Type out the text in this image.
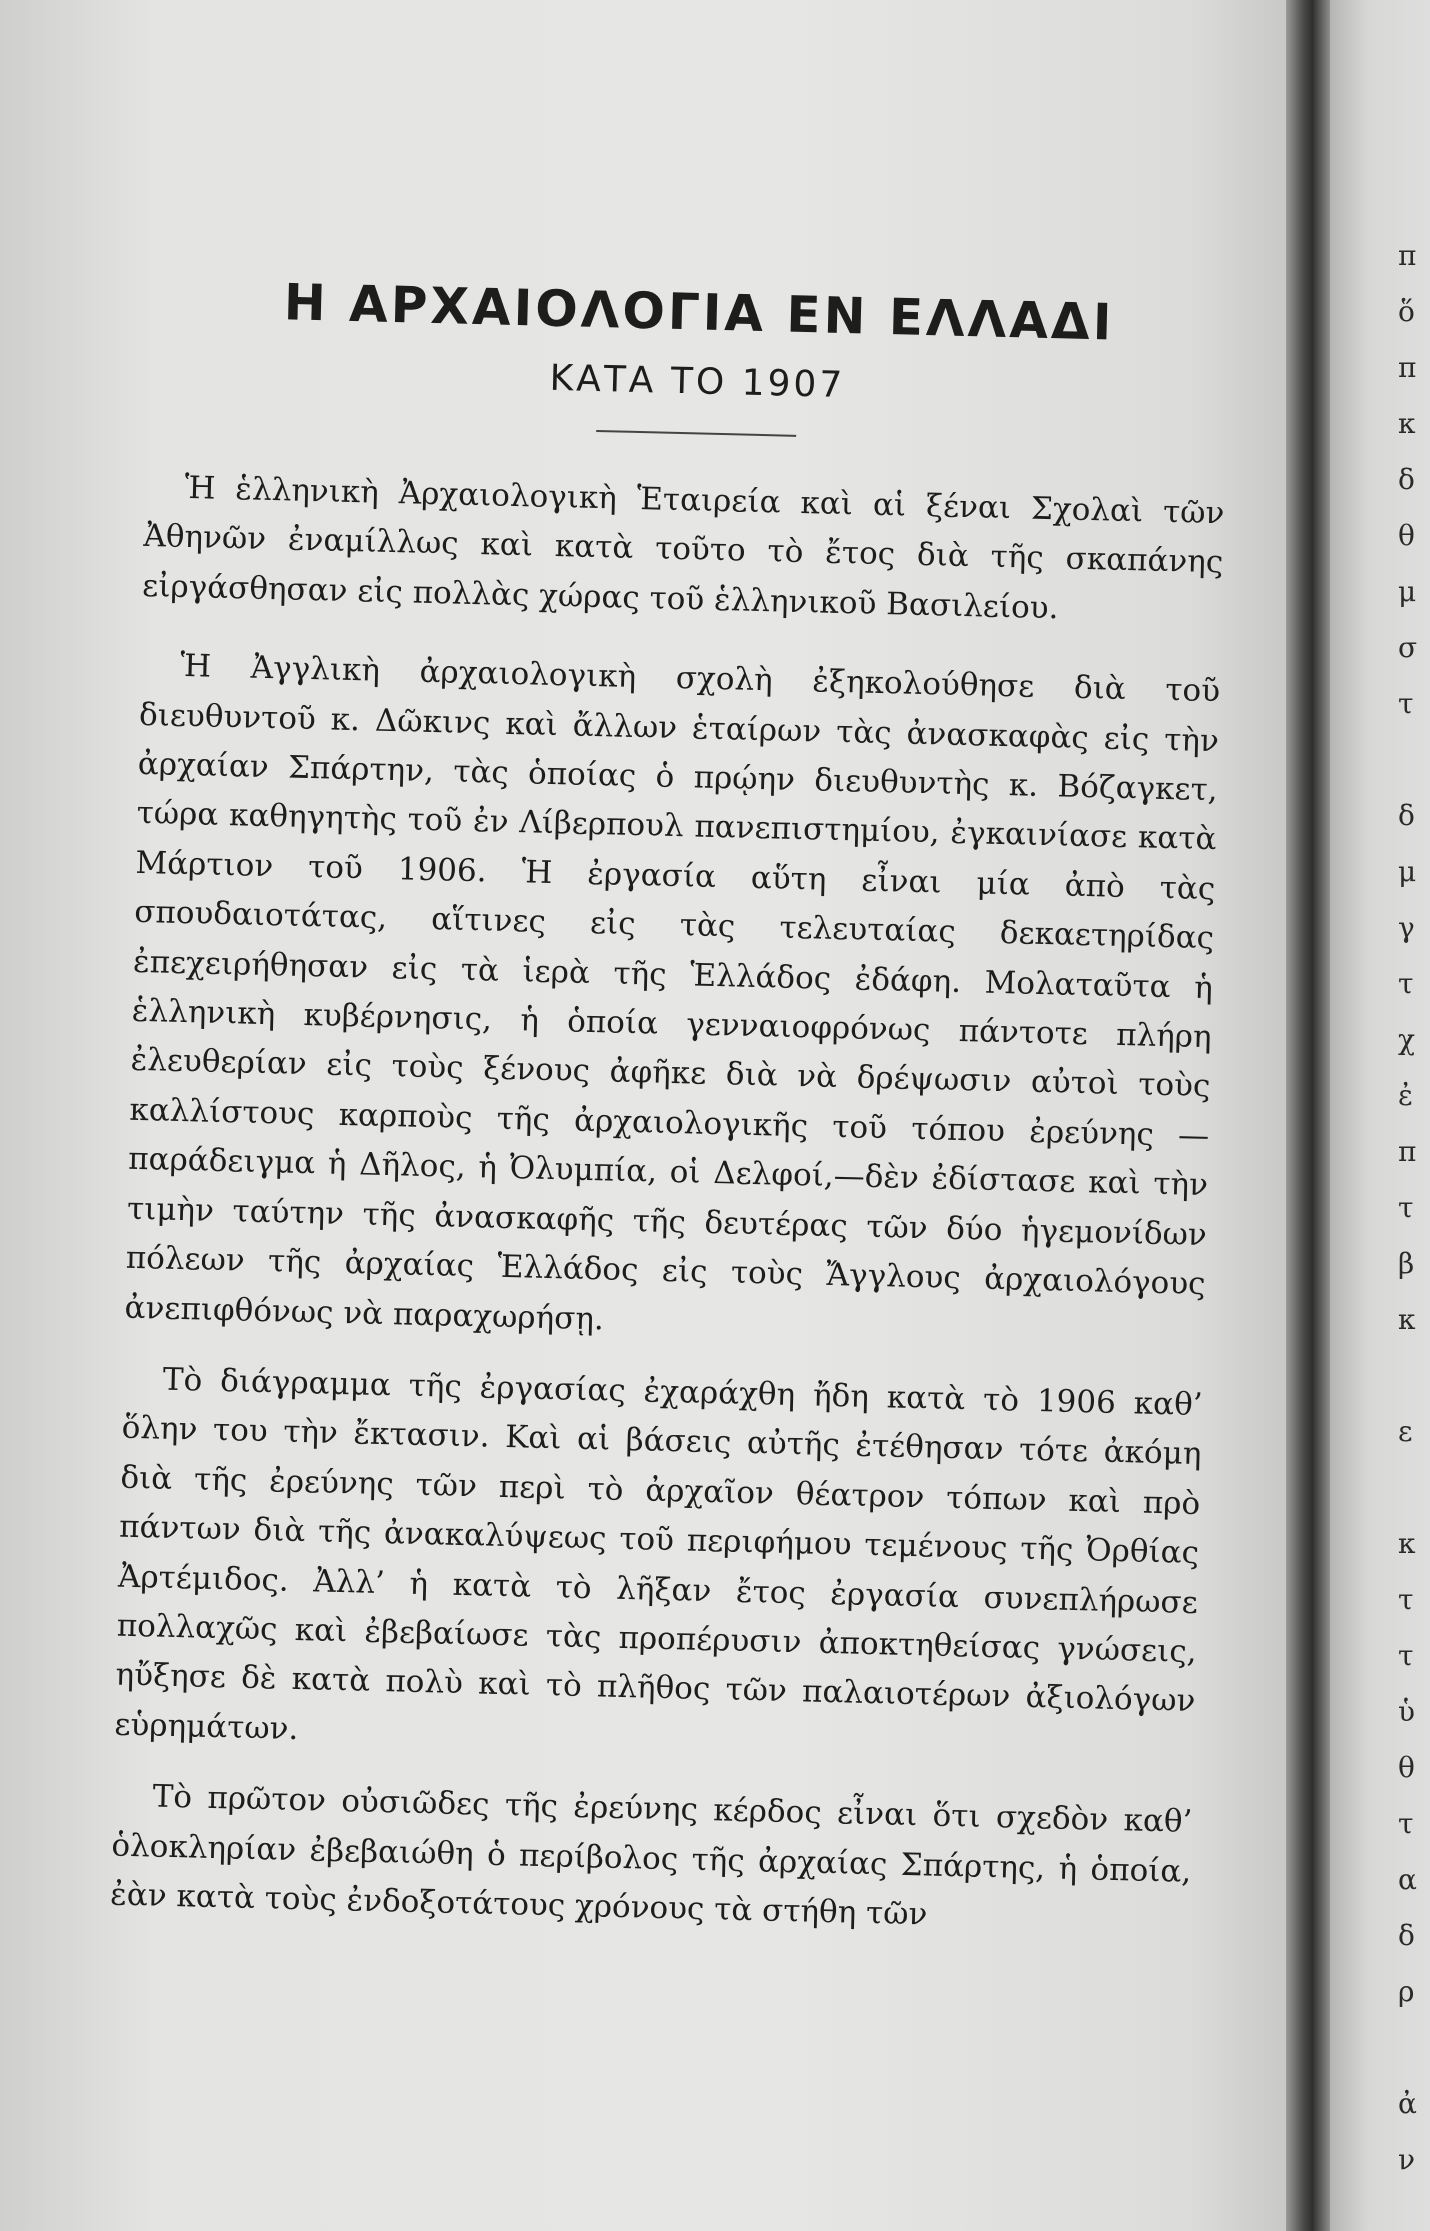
Η ΑΡΧΑΙΟΛΟΓΙΑ ΕΝ ΕΛΛΑΔΙ
ΚΑΤΑ ΤΟ 1907

Ἡ ἑλληνικὴ Ἀρχαιολογικὴ Ἑταιρεία καὶ αἱ ξέναι Σχολαὶ τῶν Ἀθηνῶν ἐναμίλλως καὶ κατὰ τοῦτο τὸ ἔτος διὰ τῆς σκαπάνης εἰργάσθησαν εἰς πολλὰς χώρας τοῦ ἑλληνικοῦ Βασιλείου.

Ἡ Ἀγγλικὴ ἀρχαιολογικὴ σχολὴ ἐξηκολούθησε διὰ τοῦ διευθυντοῦ κ. Δῶκινς καὶ ἄλλων ἑταίρων τὰς ἀνασκαφὰς εἰς τὴν ἀρχαίαν Σπάρτην, τὰς ὁποίας ὁ πρῴην διευθυντὴς κ. Βόζαγκετ, τώρα καθηγητὴς τοῦ ἐν Λίβερπουλ πανεπιστημίου, ἐγκαινίασε κατὰ Μάρτιον τοῦ 1906. Ἡ ἐργασία αὕτη εἶναι μία ἀπὸ τὰς σπουδαιοτάτας, αἵτινες εἰς τὰς τελευταίας δεκαετηρίδας ἐπεχειρήθησαν εἰς τὰ ἱερὰ τῆς Ἑλλάδος ἐδάφη. Μολαταῦτα ἡ ἑλληνικὴ κυβέρνησις, ἡ ὁποία γενναιοφρόνως πάντοτε πλήρη ἐλευθερίαν εἰς τοὺς ξένους ἀφῆκε διὰ νὰ δρέψωσιν αὐτοὶ τοὺς καλλίστους καρποὺς τῆς ἀρχαιολογικῆς τοῦ τόπου ἐρεύνης — παράδειγμα ἡ Δῆλος, ἡ Ὀλυμπία, οἱ Δελφοί,—δὲν ἐδίστασε καὶ τὴν τιμὴν ταύτην τῆς ἀνασκαφῆς τῆς δευτέρας τῶν δύο ἡγεμονίδων πόλεων τῆς ἀρχαίας Ἑλλάδος εἰς τοὺς Ἄγγλους ἀρχαιολόγους ἀνεπιφθόνως νὰ παραχωρήσῃ.

Τὸ διάγραμμα τῆς ἐργασίας ἐχαράχθη ἤδη κατὰ τὸ 1906 καθ’ ὅλην του τὴν ἔκτασιν. Καὶ αἱ βάσεις αὐτῆς ἐτέθησαν τότε ἀκόμη διὰ τῆς ἐρεύνης τῶν περὶ τὸ ἀρχαῖον θέατρον τόπων καὶ πρὸ πάντων διὰ τῆς ἀνακαλύψεως τοῦ περιφήμου τεμένους τῆς Ὀρθίας Ἀρτέμιδος. Ἀλλ’ ἡ κατὰ τὸ λῆξαν ἔτος ἐργασία συνεπλήρωσε πολλαχῶς καὶ ἐβεβαίωσε τὰς προπέρυσιν ἀποκτηθείσας γνώσεις, ηὔξησε δὲ κατὰ πολὺ καὶ τὸ πλῆθος τῶν παλαιοτέρων ἀξιολόγων εὑρημάτων.

Τὸ πρῶτον οὐσιῶδες τῆς ἐρεύνης κέρδος εἶναι ὅτι σχεδὸν καθ’ ὁλοκληρίαν ἐβεβαιώθη ὁ περίβολος τῆς ἀρχαίας Σπάρτης, ἡ ὁποία, ἐὰν κατὰ τοὺς ἐνδοξοτάτους χρόνους τὰ στήθη τῶν

π
ὅ
π
κ
δ
θ
μ
σ
τ
δ
μ
γ
τ
χ
ἐ
π
τ
β
κ
ε
κ
τ
τ
ὑ
θ
τ
α
δ
ρ
ἀ
ν
